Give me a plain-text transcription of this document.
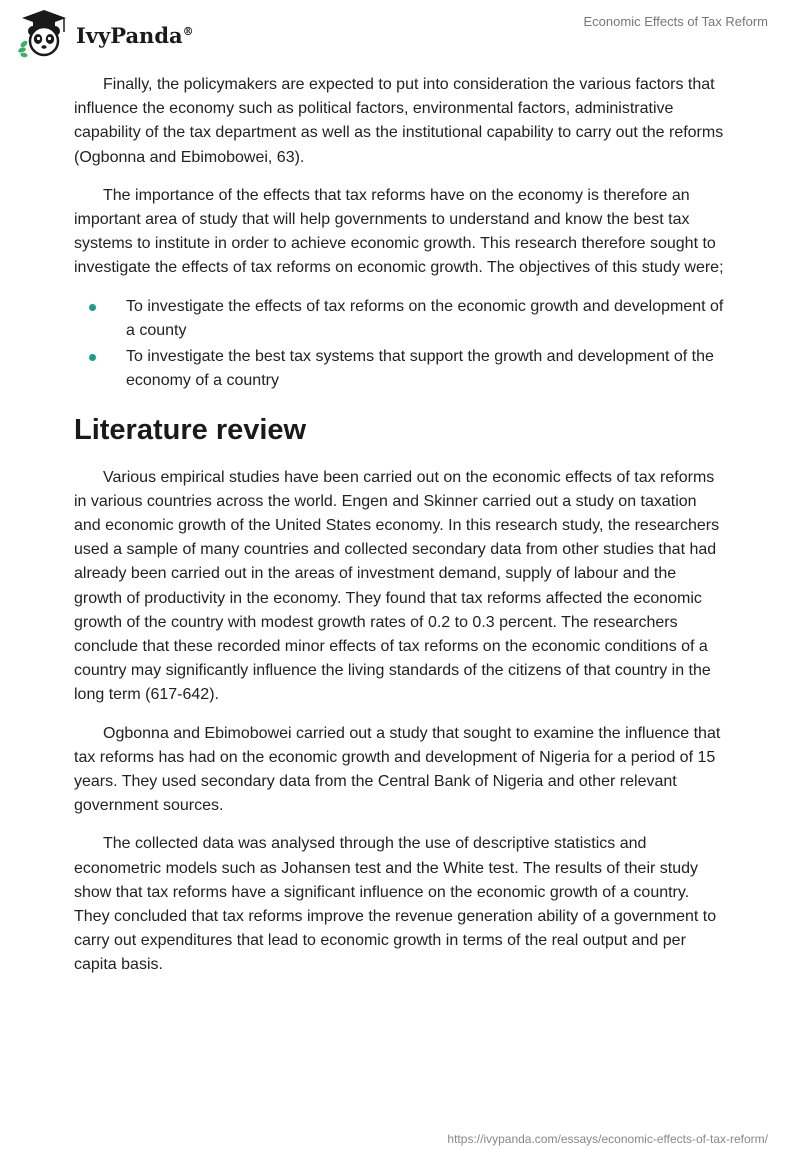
IvyPanda®
Economic Effects of Tax Reform

Finally, the policymakers are expected to put into consideration the various factors that influence the economy such as political factors, environmental factors, administrative capability of the tax department as well as the institutional capability to carry out the reforms (Ogbonna and Ebimobowei, 63).

The importance of the effects that tax reforms have on the economy is therefore an important area of study that will help governments to understand and know the best tax systems to institute in order to achieve economic growth. This research therefore sought to investigate the effects of tax reforms on economic growth. The objectives of this study were;

To investigate the effects of tax reforms on the economic growth and development of a county
To investigate the best tax systems that support the growth and development of the economy of a country
Literature review

Various empirical studies have been carried out on the economic effects of tax reforms in various countries across the world. Engen and Skinner carried out a study on taxation and economic growth of the United States economy. In this research study, the researchers used a sample of many countries and collected secondary data from other studies that had already been carried out in the areas of investment demand, supply of labour and the growth of productivity in the economy. They found that tax reforms affected the economic growth of the country with modest growth rates of 0.2 to 0.3 percent. The researchers conclude that these recorded minor effects of tax reforms on the economic conditions of a country may significantly influence the living standards of the citizens of that country in the long term (617-642).

Ogbonna and Ebimobowei carried out a study that sought to examine the influence that tax reforms has had on the economic growth and development of Nigeria for a period of 15 years. They used secondary data from the Central Bank of Nigeria and other relevant government sources.

The collected data was analysed through the use of descriptive statistics and econometric models such as Johansen test and the White test. The results of their study show that tax reforms have a significant influence on the economic growth of a country. They concluded that tax reforms improve the revenue generation ability of a government to carry out expenditures that lead to economic growth in terms of the real output and per capita basis.

https://ivypanda.com/essays/economic-effects-of-tax-reform/
